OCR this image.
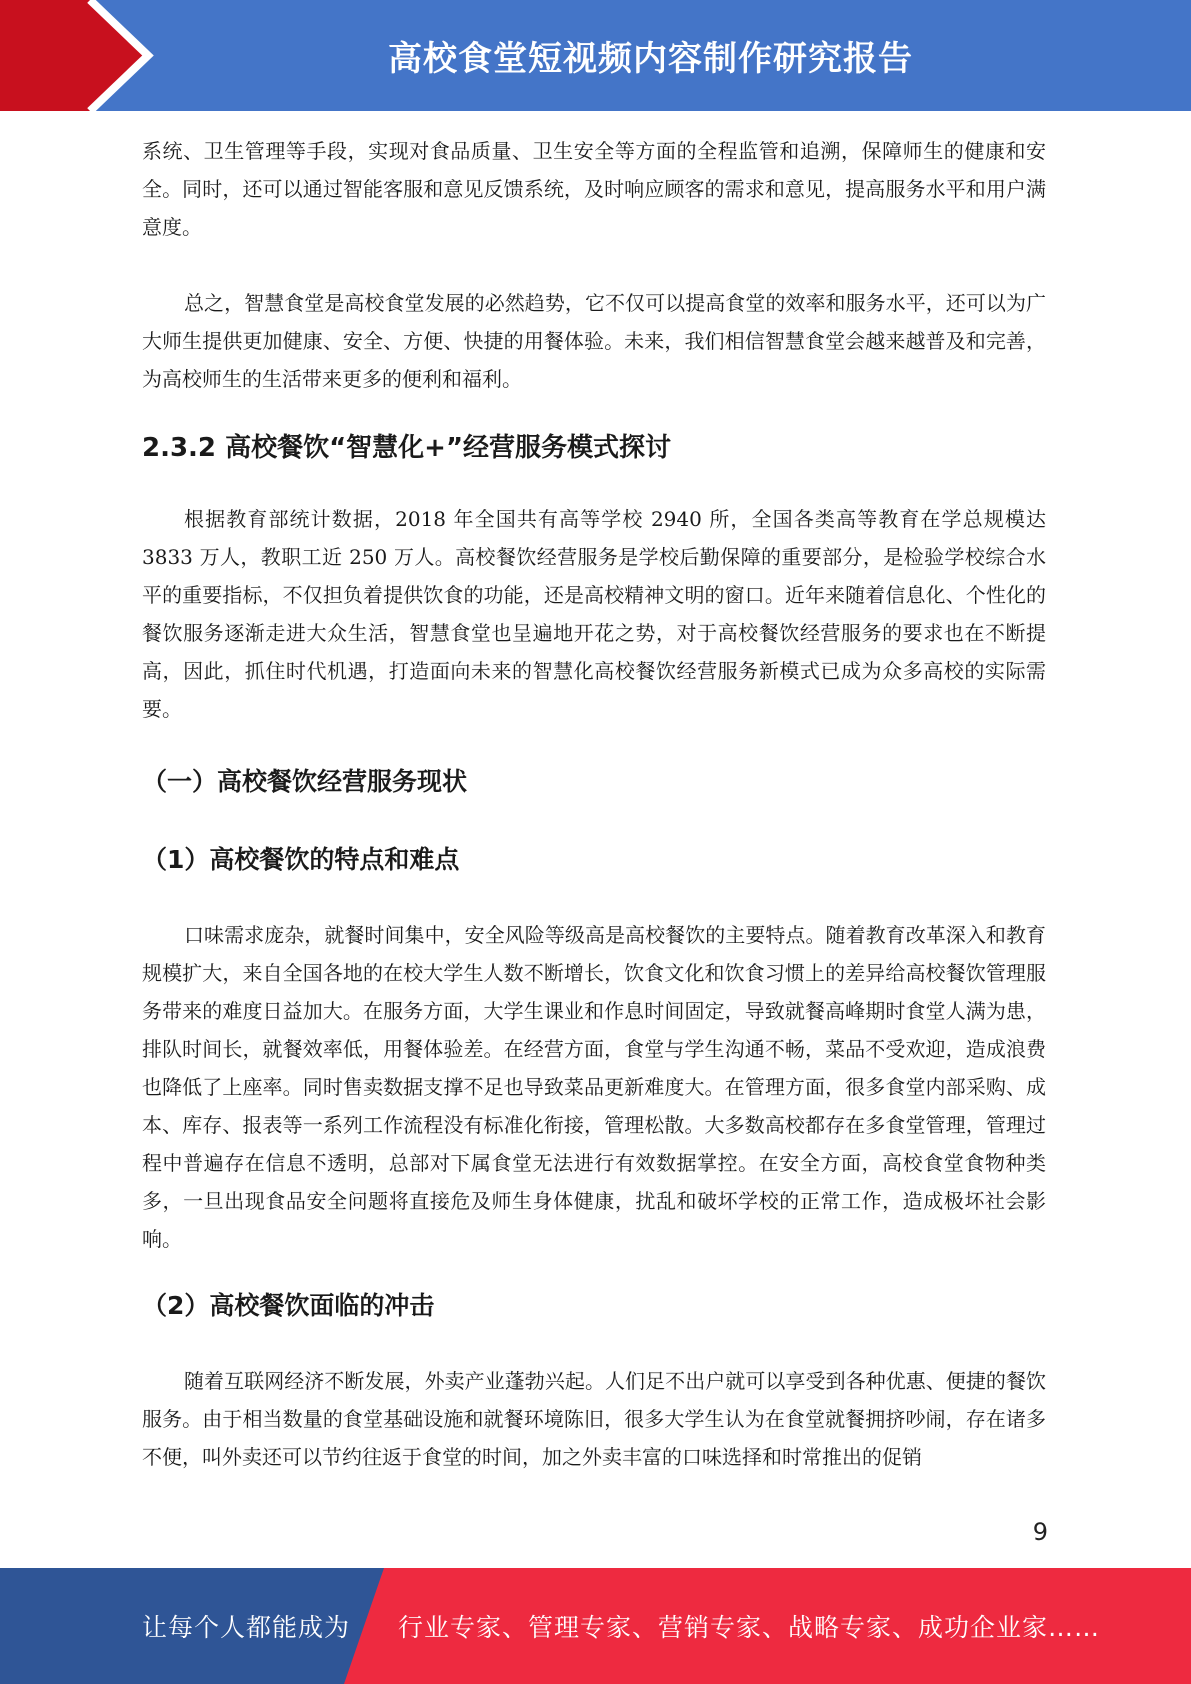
高校食堂短视频内容制作研究报告

系统、卫生管理等手段，实现对食品质量、卫生安全等方面的全程监管和追溯，保障师生的健康和安全。同时，还可以通过智能客服和意见反馈系统，及时响应顾客的需求和意见，提高服务水平和用户满意度。

总之，智慧食堂是高校食堂发展的必然趋势，它不仅可以提高食堂的效率和服务水平，还可以为广大师生提供更加健康、安全、方便、快捷的用餐体验。未来，我们相信智慧食堂会越来越普及和完善，为高校师生的生活带来更多的便利和福利。

2.3.2 高校餐饮“智慧化+”经营服务模式探讨

根据教育部统计数据，2018 年全国共有高等学校 2940 所，全国各类高等教育在学总规模达 3833 万人，教职工近 250 万人。高校餐饮经营服务是学校后勤保障的重要部分，是检验学校综合水平的重要指标，不仅担负着提供饮食的功能，还是高校精神文明的窗口。近年来随着信息化、个性化的餐饮服务逐渐走进大众生活，智慧食堂也呈遍地开花之势，对于高校餐饮经营服务的要求也在不断提高，因此，抓住时代机遇，打造面向未来的智慧化高校餐饮经营服务新模式已成为众多高校的实际需要。

（一）高校餐饮经营服务现状
（1）高校餐饮的特点和难点

口味需求庞杂，就餐时间集中，安全风险等级高是高校餐饮的主要特点。随着教育改革深入和教育规模扩大，来自全国各地的在校大学生人数不断增长，饮食文化和饮食习惯上的差异给高校餐饮管理服务带来的难度日益加大。在服务方面，大学生课业和作息时间固定，导致就餐高峰期时食堂人满为患，排队时间长，就餐效率低，用餐体验差。在经营方面，食堂与学生沟通不畅，菜品不受欢迎，造成浪费也降低了上座率。同时售卖数据支撑不足也导致菜品更新难度大。在管理方面，很多食堂内部采购、成本、库存、报表等一系列工作流程没有标准化衔接，管理松散。大多数高校都存在多食堂管理，管理过程中普遍存在信息不透明，总部对下属食堂无法进行有效数据掌控。在安全方面，高校食堂食物种类多，一旦出现食品安全问题将直接危及师生身体健康，扰乱和破坏学校的正常工作，造成极坏社会影响。

（2）高校餐饮面临的冲击

随着互联网经济不断发展，外卖产业蓬勃兴起。人们足不出户就可以享受到各种优惠、便捷的餐饮服务。由于相当数量的食堂基础设施和就餐环境陈旧，很多大学生认为在食堂就餐拥挤吵闹，存在诸多不便，叫外卖还可以节约往返于食堂的时间，加之外卖丰富的口味选择和时常推出的促销

9
让每个人都能成为 行业专家、管理专家、营销专家、战略专家、成功企业家……
